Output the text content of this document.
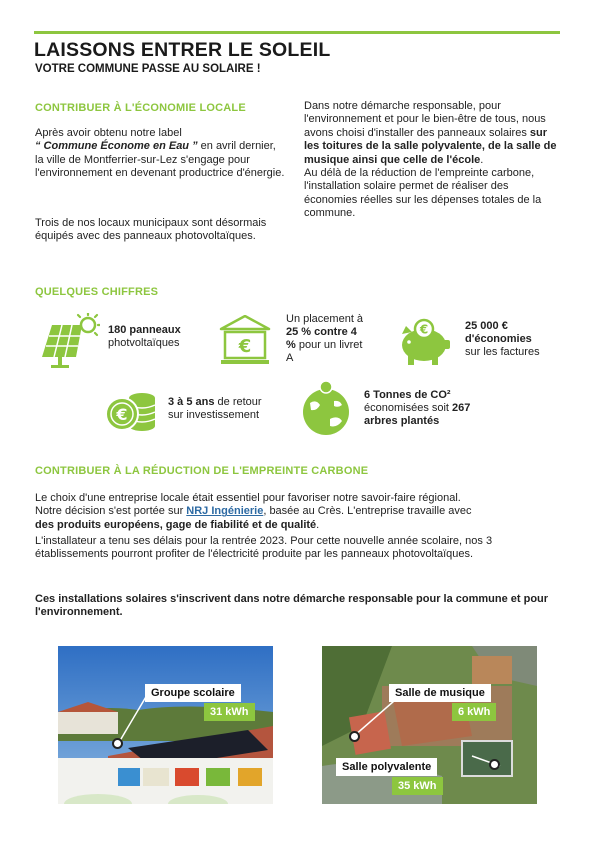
LAISSONS ENTRER LE SOLEIL
VOTRE COMMUNE PASSE AU SOLAIRE !
CONTRIBUER À L'ÉCONOMIE LOCALE
Après avoir obtenu notre label
“ Commune Économe en Eau ” en avril dernier, la ville de Montferrier-sur-Lez s'engage pour l'environnement en devenant productrice d'énergie.
Trois de nos locaux municipaux sont désormais équipés avec des panneaux photovoltaïques.
Dans notre démarche responsable, pour l'environnement et pour le bien-être de tous, nous avons choisi d'installer des panneaux solaires sur les toitures de la salle polyvalente, de la salle de musique ainsi que celle de l'école.
Au délà de la réduction de l'empreinte carbone, l'installation solaire permet de réaliser des économies réelles sur les dépenses totales de la commune.
QUELQUES CHIFFRES
180 panneaux
photvoltaïques	€
Un placement à 25 % contre 4 % pour un livret A
€	25 000 €
d'économies
sur les factures
€
3 à 5 ans de retour
sur investissement
6 Tonnes de CO²
économisées soit 267
arbres plantés
CONTRIBUER À LA RÉDUCTION DE L'EMPREINTE CARBONE
Le choix d'une entreprise locale était essentiel pour favoriser notre savoir-faire régional.
Notre décision s'est portée sur NRJ Ingénierie, basée au Crès. L'entreprise travaille avec
des produits européens, gage de fiabilité et de qualité.
L'installateur a tenu ses délais pour la rentrée 2023. Pour cette nouvelle année scolaire, nos 3 établissements pourront profiter de l'électricité produite par les panneaux photovoltaïques.
Ces installations solaires s'inscrivent dans notre démarche responsable pour la commune et pour l'environnement.
Groupe scolaire
31 kWh
Salle de musique
6 kWh
Salle polyvalente
35 kWh
